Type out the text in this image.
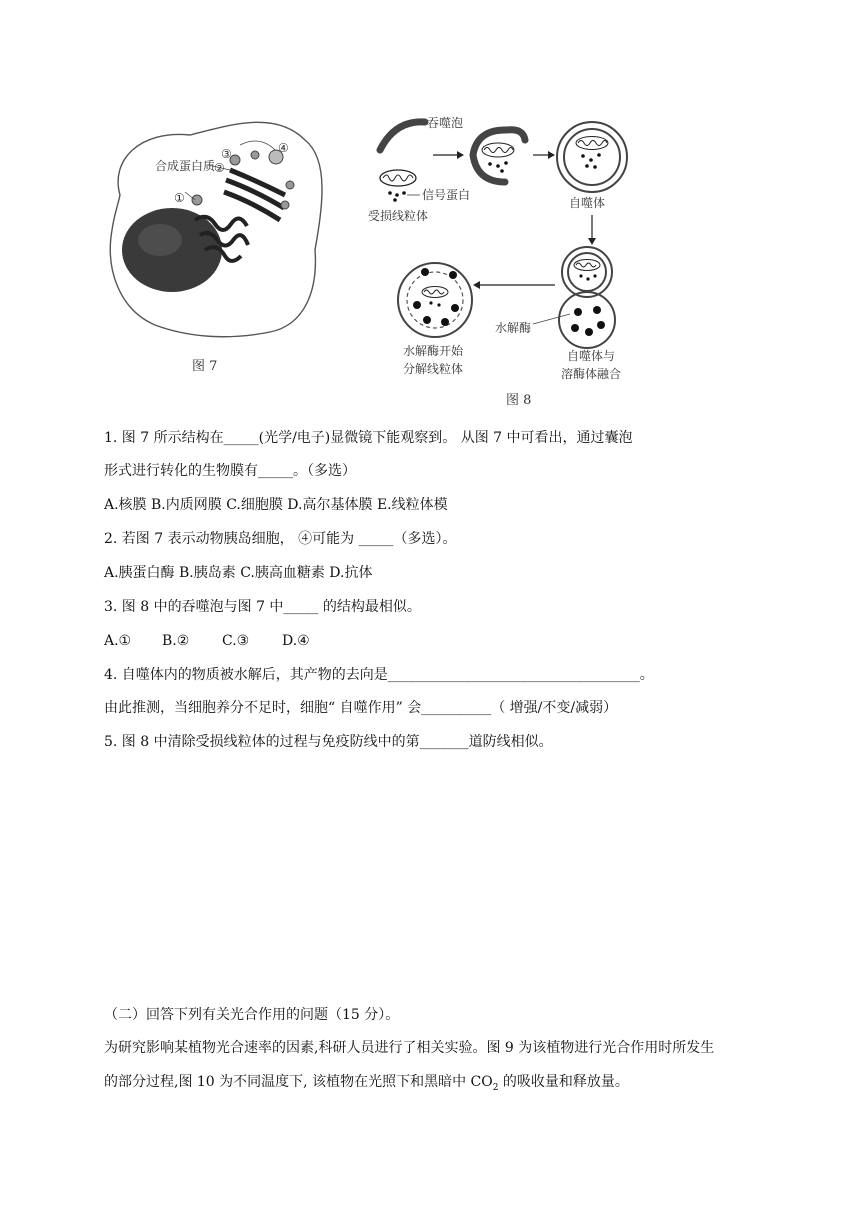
合成蛋白质
①
②
③	④
图 7
吞噬泡
信号蛋白
受损线粒体
自噬体
自噬体与
溶酶体融合
水解酶
水解酶开始
分解线粒体
图 8
1. 图 7 所示结构在_____(光学/电子)显微镜下能观察到。 从图 7 中可看出，通过囊泡
形式进行转化的生物膜有_____。（多选）
A.核膜 B.内质网膜 C.细胞膜 D.高尔基体膜 E.线粒体模
2. 若图 7 表示动物胰岛细胞， ④可能为 _____（多选）。
A.胰蛋白酶 B.胰岛素 C.胰高血糖素 D.抗体
3. 图 8 中的吞噬泡与图 7 中_____ 的结构最相似。
A.① B.② C.③ D.④
4. 自噬体内的物质被水解后，其产物的去向是____________________________________。
由此推测，当细胞养分不足时，细胞“ 自噬作用” 会__________（ 增强/不变/减弱）
5. 图 8 中清除受损线粒体的过程与免疫防线中的第_______道防线相似。
（二）回答下列有关光合作用的问题（15 分）。
为研究影响某植物光合速率的因素,科研人员进行了相关实验。图 9 为该植物进行光合作用时所发生
的部分过程,图 10 为不同温度下, 该植物在光照下和黑暗中 $CO_2$ 的吸收量和释放量。
